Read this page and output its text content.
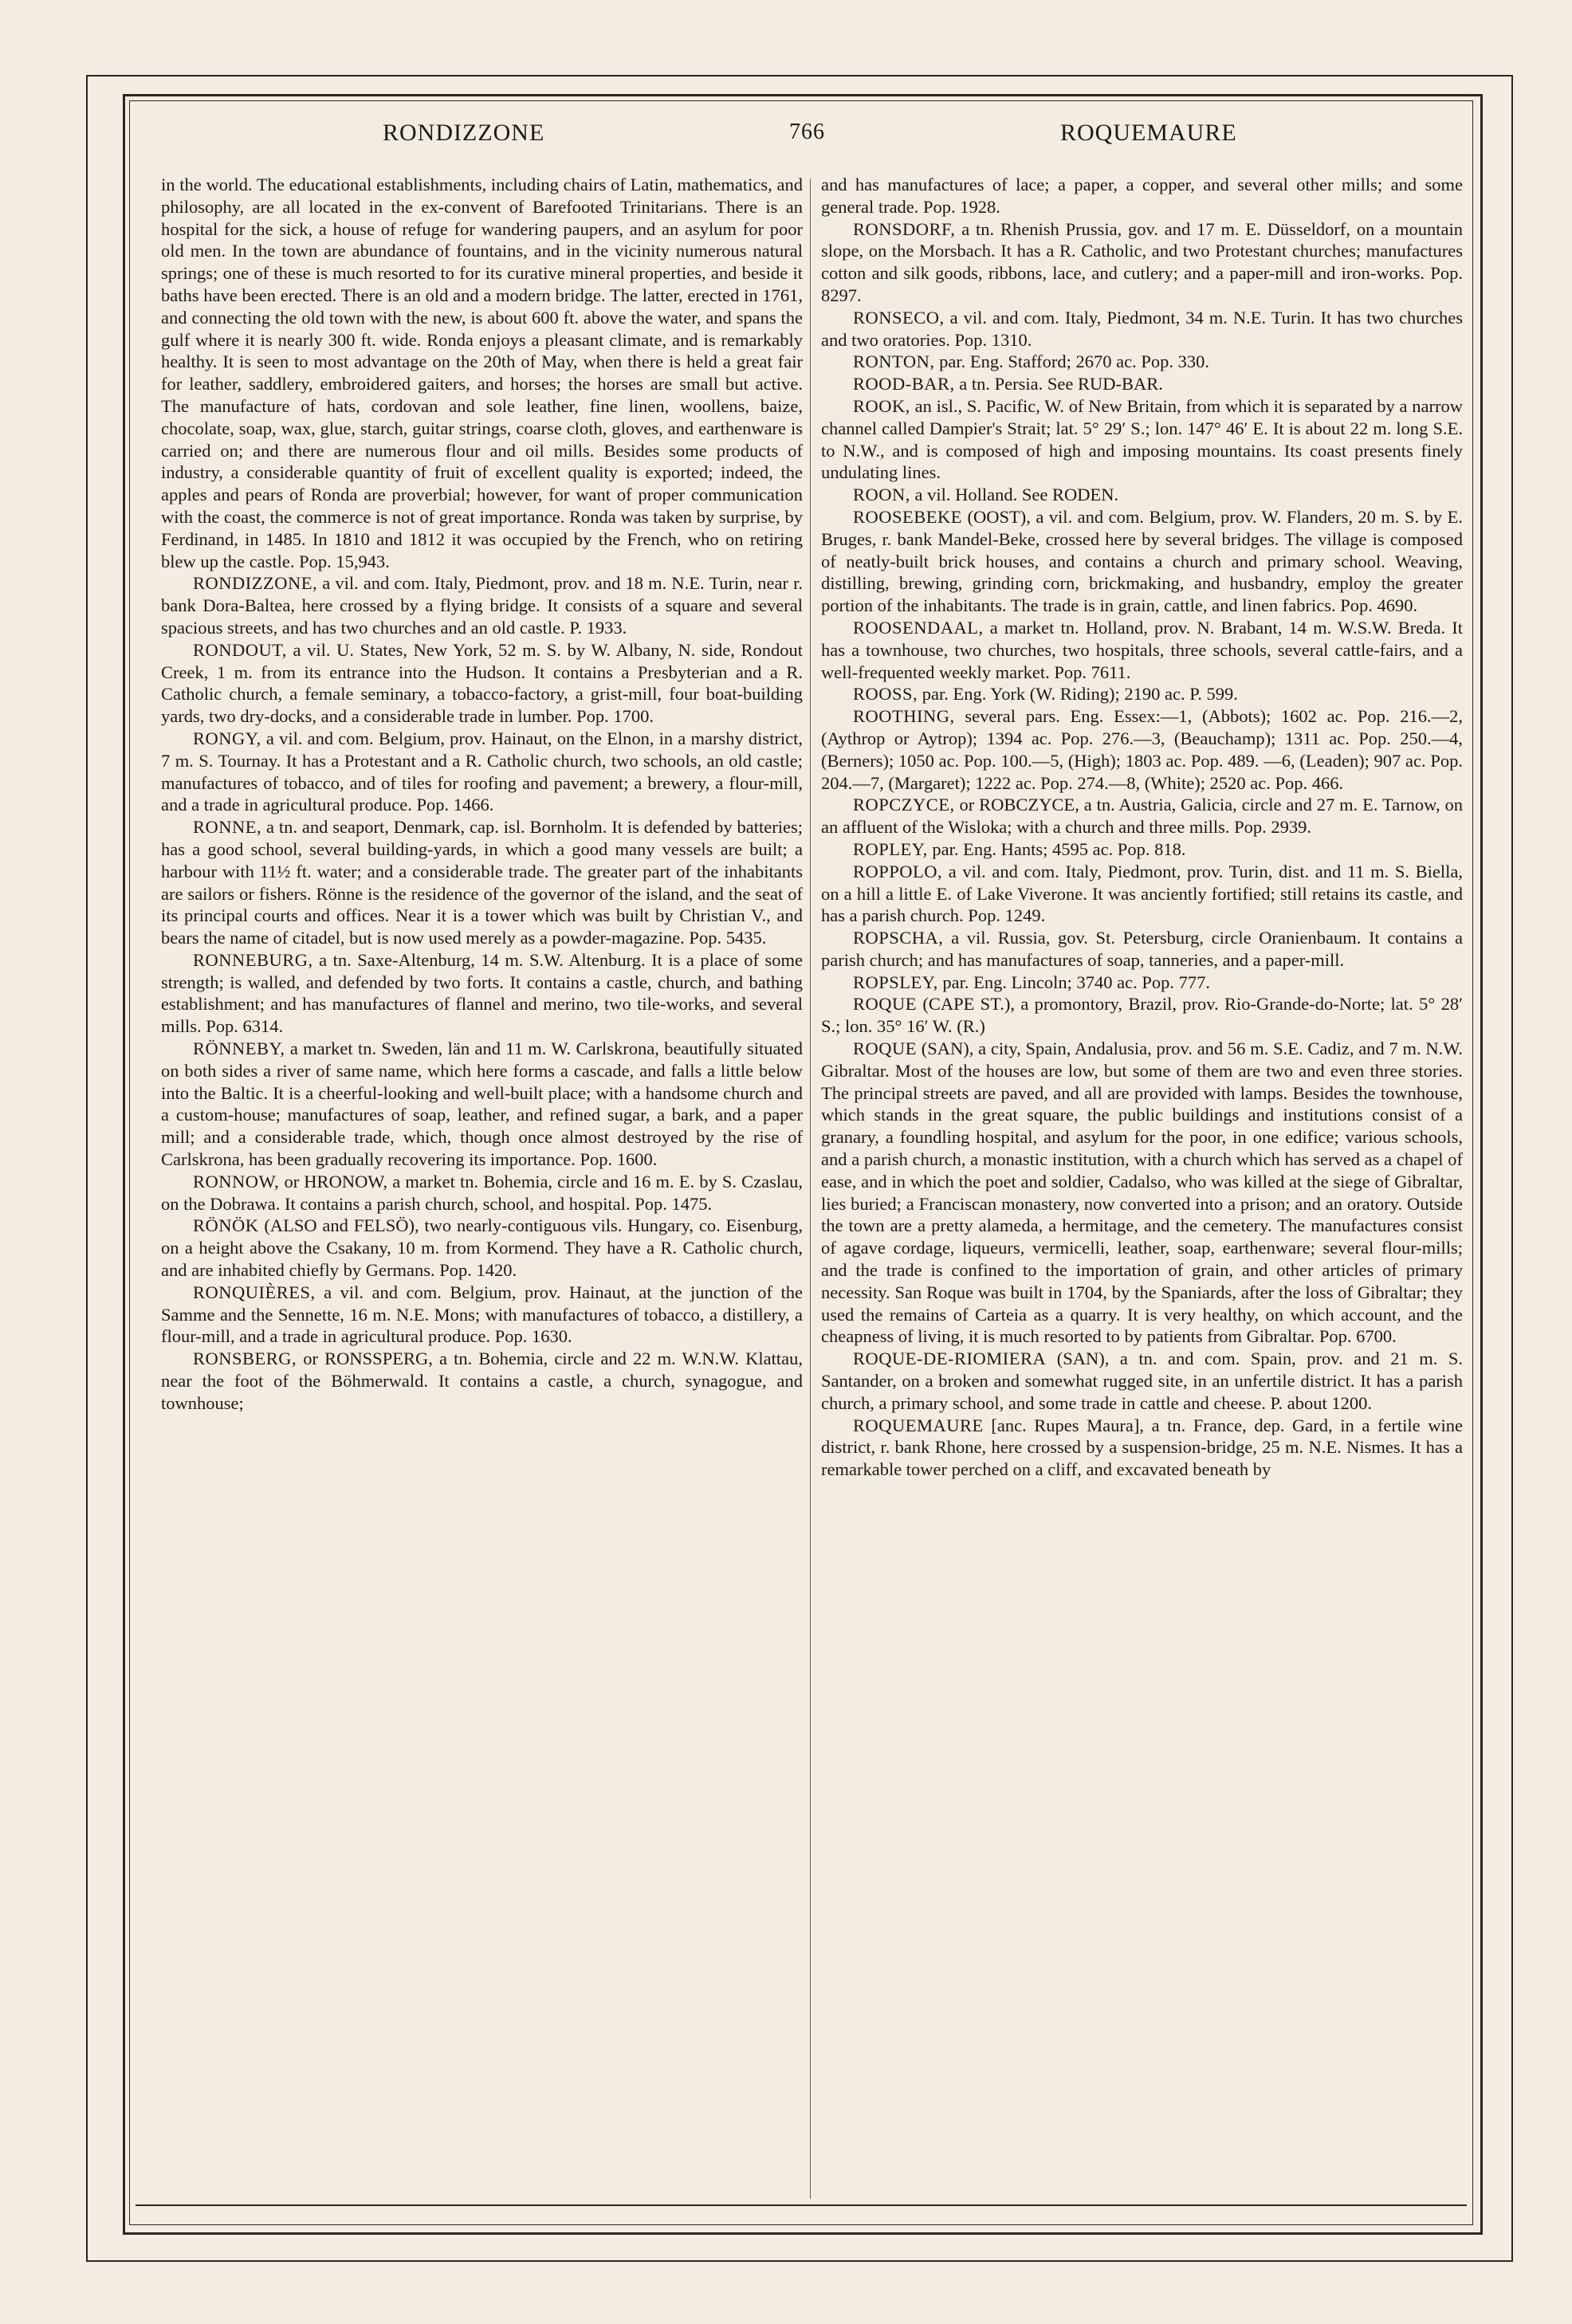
RONDIZZONE	766	ROQUEMAURE

in the world. The educational establishments, including chairs of Latin, mathematics, and philosophy, are all located in the ex-convent of Barefooted Trinitarians. There is an hospital for the sick, a house of refuge for wandering paupers, and an asylum for poor old men. In the town are abundance of fountains, and in the vicinity numerous natural springs; one of these is much resorted to for its curative mineral properties, and beside it baths have been erected. There is an old and a modern bridge. The latter, erected in 1761, and connecting the old town with the new, is about 600 ft. above the water, and spans the gulf where it is nearly 300 ft. wide. Ronda enjoys a pleasant climate, and is remarkably healthy. It is seen to most advantage on the 20th of May, when there is held a great fair for leather, saddlery, embroidered gaiters, and horses; the horses are small but active. The manufacture of hats, cordovan and sole leather, fine linen, woollens, baize, chocolate, soap, wax, glue, starch, guitar strings, coarse cloth, gloves, and earthenware is carried on; and there are numerous flour and oil mills. Besides some products of industry, a considerable quantity of fruit of excellent quality is exported; indeed, the apples and pears of Ronda are proverbial; however, for want of proper communication with the coast, the commerce is not of great importance. Ronda was taken by surprise, by Ferdinand, in 1485. In 1810 and 1812 it was occupied by the French, who on retiring blew up the castle. Pop. 15,943.

RONDIZZONE, a vil. and com. Italy, Piedmont, prov. and 18 m. N.E. Turin, near r. bank Dora-Baltea, here crossed by a flying bridge. It consists of a square and several spacious streets, and has two churches and an old castle. P. 1933.

RONDOUT, a vil. U. States, New York, 52 m. S. by W. Albany, N. side, Rondout Creek, 1 m. from its entrance into the Hudson. It contains a Presbyterian and a R. Catholic church, a female seminary, a tobacco-factory, a grist-mill, four boat-building yards, two dry-docks, and a considerable trade in lumber. Pop. 1700.

RONGY, a vil. and com. Belgium, prov. Hainaut, on the Elnon, in a marshy district, 7 m. S. Tournay. It has a Protestant and a R. Catholic church, two schools, an old castle; manufactures of tobacco, and of tiles for roofing and pavement; a brewery, a flour-mill, and a trade in agricultural produce. Pop. 1466.

RONNE, a tn. and seaport, Denmark, cap. isl. Bornholm. It is defended by batteries; has a good school, several building-yards, in which a good many vessels are built; a harbour with 11½ ft. water; and a considerable trade. The greater part of the inhabitants are sailors or fishers. Rönne is the residence of the governor of the island, and the seat of its principal courts and offices. Near it is a tower which was built by Christian V., and bears the name of citadel, but is now used merely as a powder-magazine. Pop. 5435.

RONNEBURG, a tn. Saxe-Altenburg, 14 m. S.W. Altenburg. It is a place of some strength; is walled, and defended by two forts. It contains a castle, church, and bathing establishment; and has manufactures of flannel and merino, two tile-works, and several mills. Pop. 6314.

RÖNNEBY, a market tn. Sweden, län and 11 m. W. Carlskrona, beautifully situated on both sides a river of same name, which here forms a cascade, and falls a little below into the Baltic. It is a cheerful-looking and well-built place; with a handsome church and a custom-house; manufactures of soap, leather, and refined sugar, a bark, and a paper mill; and a considerable trade, which, though once almost destroyed by the rise of Carlskrona, has been gradually recovering its importance. Pop. 1600.

RONNOW, or HRONOW, a market tn. Bohemia, circle and 16 m. E. by S. Czaslau, on the Dobrawa. It contains a parish church, school, and hospital. Pop. 1475.

RÖNÖK (ALSO and FELSÖ), two nearly-contiguous vils. Hungary, co. Eisenburg, on a height above the Csakany, 10 m. from Kormend. They have a R. Catholic church, and are inhabited chiefly by Germans. Pop. 1420.

RONQUIÈRES, a vil. and com. Belgium, prov. Hainaut, at the junction of the Samme and the Sennette, 16 m. N.E. Mons; with manufactures of tobacco, a distillery, a flour-mill, and a trade in agricultural produce. Pop. 1630.

RONSBERG, or RONSSPERG, a tn. Bohemia, circle and 22 m. W.N.W. Klattau, near the foot of the Böhmerwald. It contains a castle, a church, synagogue, and townhouse;

and has manufactures of lace; a paper, a copper, and several other mills; and some general trade. Pop. 1928.

RONSDORF, a tn. Rhenish Prussia, gov. and 17 m. E. Düsseldorf, on a mountain slope, on the Morsbach. It has a R. Catholic, and two Protestant churches; manufactures cotton and silk goods, ribbons, lace, and cutlery; and a paper-mill and iron-works. Pop. 8297.

RONSECO, a vil. and com. Italy, Piedmont, 34 m. N.E. Turin. It has two churches and two oratories. Pop. 1310.

RONTON, par. Eng. Stafford; 2670 ac. Pop. 330.

ROOD-BAR, a tn. Persia. See RUD-BAR.

ROOK, an isl., S. Pacific, W. of New Britain, from which it is separated by a narrow channel called Dampier's Strait; lat. 5° 29′ S.; lon. 147° 46′ E. It is about 22 m. long S.E. to N.W., and is composed of high and imposing mountains. Its coast presents finely undulating lines.

ROON, a vil. Holland. See RODEN.

ROOSEBEKE (OOST), a vil. and com. Belgium, prov. W. Flanders, 20 m. S. by E. Bruges, r. bank Mandel-Beke, crossed here by several bridges. The village is composed of neatly-built brick houses, and contains a church and primary school. Weaving, distilling, brewing, grinding corn, brickmaking, and husbandry, employ the greater portion of the inhabitants. The trade is in grain, cattle, and linen fabrics. Pop. 4690.

ROOSENDAAL, a market tn. Holland, prov. N. Brabant, 14 m. W.S.W. Breda. It has a townhouse, two churches, two hospitals, three schools, several cattle-fairs, and a well-frequented weekly market. Pop. 7611.

ROOSS, par. Eng. York (W. Riding); 2190 ac. P. 599.

ROOTHING, several pars. Eng. Essex:—1, (Abbots); 1602 ac. Pop. 216.—2, (Aythrop or Aytrop); 1394 ac. Pop. 276.—3, (Beauchamp); 1311 ac. Pop. 250.—4, (Berners); 1050 ac. Pop. 100.—5, (High); 1803 ac. Pop. 489. —6, (Leaden); 907 ac. Pop. 204.—7, (Margaret); 1222 ac. Pop. 274.—8, (White); 2520 ac. Pop. 466.

ROPCZYCE, or ROBCZYCE, a tn. Austria, Galicia, circle and 27 m. E. Tarnow, on an affluent of the Wisloka; with a church and three mills. Pop. 2939.

ROPLEY, par. Eng. Hants; 4595 ac. Pop. 818.

ROPPOLO, a vil. and com. Italy, Piedmont, prov. Turin, dist. and 11 m. S. Biella, on a hill a little E. of Lake Viverone. It was anciently fortified; still retains its castle, and has a parish church. Pop. 1249.

ROPSCHA, a vil. Russia, gov. St. Petersburg, circle Oranienbaum. It contains a parish church; and has manufactures of soap, tanneries, and a paper-mill.

ROPSLEY, par. Eng. Lincoln; 3740 ac. Pop. 777.

ROQUE (CAPE ST.), a promontory, Brazil, prov. Rio-Grande-do-Norte; lat. 5° 28′ S.; lon. 35° 16′ W. (R.)

ROQUE (SAN), a city, Spain, Andalusia, prov. and 56 m. S.E. Cadiz, and 7 m. N.W. Gibraltar. Most of the houses are low, but some of them are two and even three stories. The principal streets are paved, and all are provided with lamps. Besides the townhouse, which stands in the great square, the public buildings and institutions consist of a granary, a foundling hospital, and asylum for the poor, in one edifice; various schools, and a parish church, a monastic institution, with a church which has served as a chapel of ease, and in which the poet and soldier, Cadalso, who was killed at the siege of Gibraltar, lies buried; a Franciscan monastery, now converted into a prison; and an oratory. Outside the town are a pretty alameda, a hermitage, and the cemetery. The manufactures consist of agave cordage, liqueurs, vermicelli, leather, soap, earthenware; several flour-mills; and the trade is confined to the importation of grain, and other articles of primary necessity. San Roque was built in 1704, by the Spaniards, after the loss of Gibraltar; they used the remains of Carteia as a quarry. It is very healthy, on which account, and the cheapness of living, it is much resorted to by patients from Gibraltar. Pop. 6700.

ROQUE-DE-RIOMIERA (SAN), a tn. and com. Spain, prov. and 21 m. S. Santander, on a broken and somewhat rugged site, in an unfertile district. It has a parish church, a primary school, and some trade in cattle and cheese. P. about 1200.

ROQUEMAURE [anc. Rupes Maura], a tn. France, dep. Gard, in a fertile wine district, r. bank Rhone, here crossed by a suspension-bridge, 25 m. N.E. Nismes. It has a remarkable tower perched on a cliff, and excavated beneath by
